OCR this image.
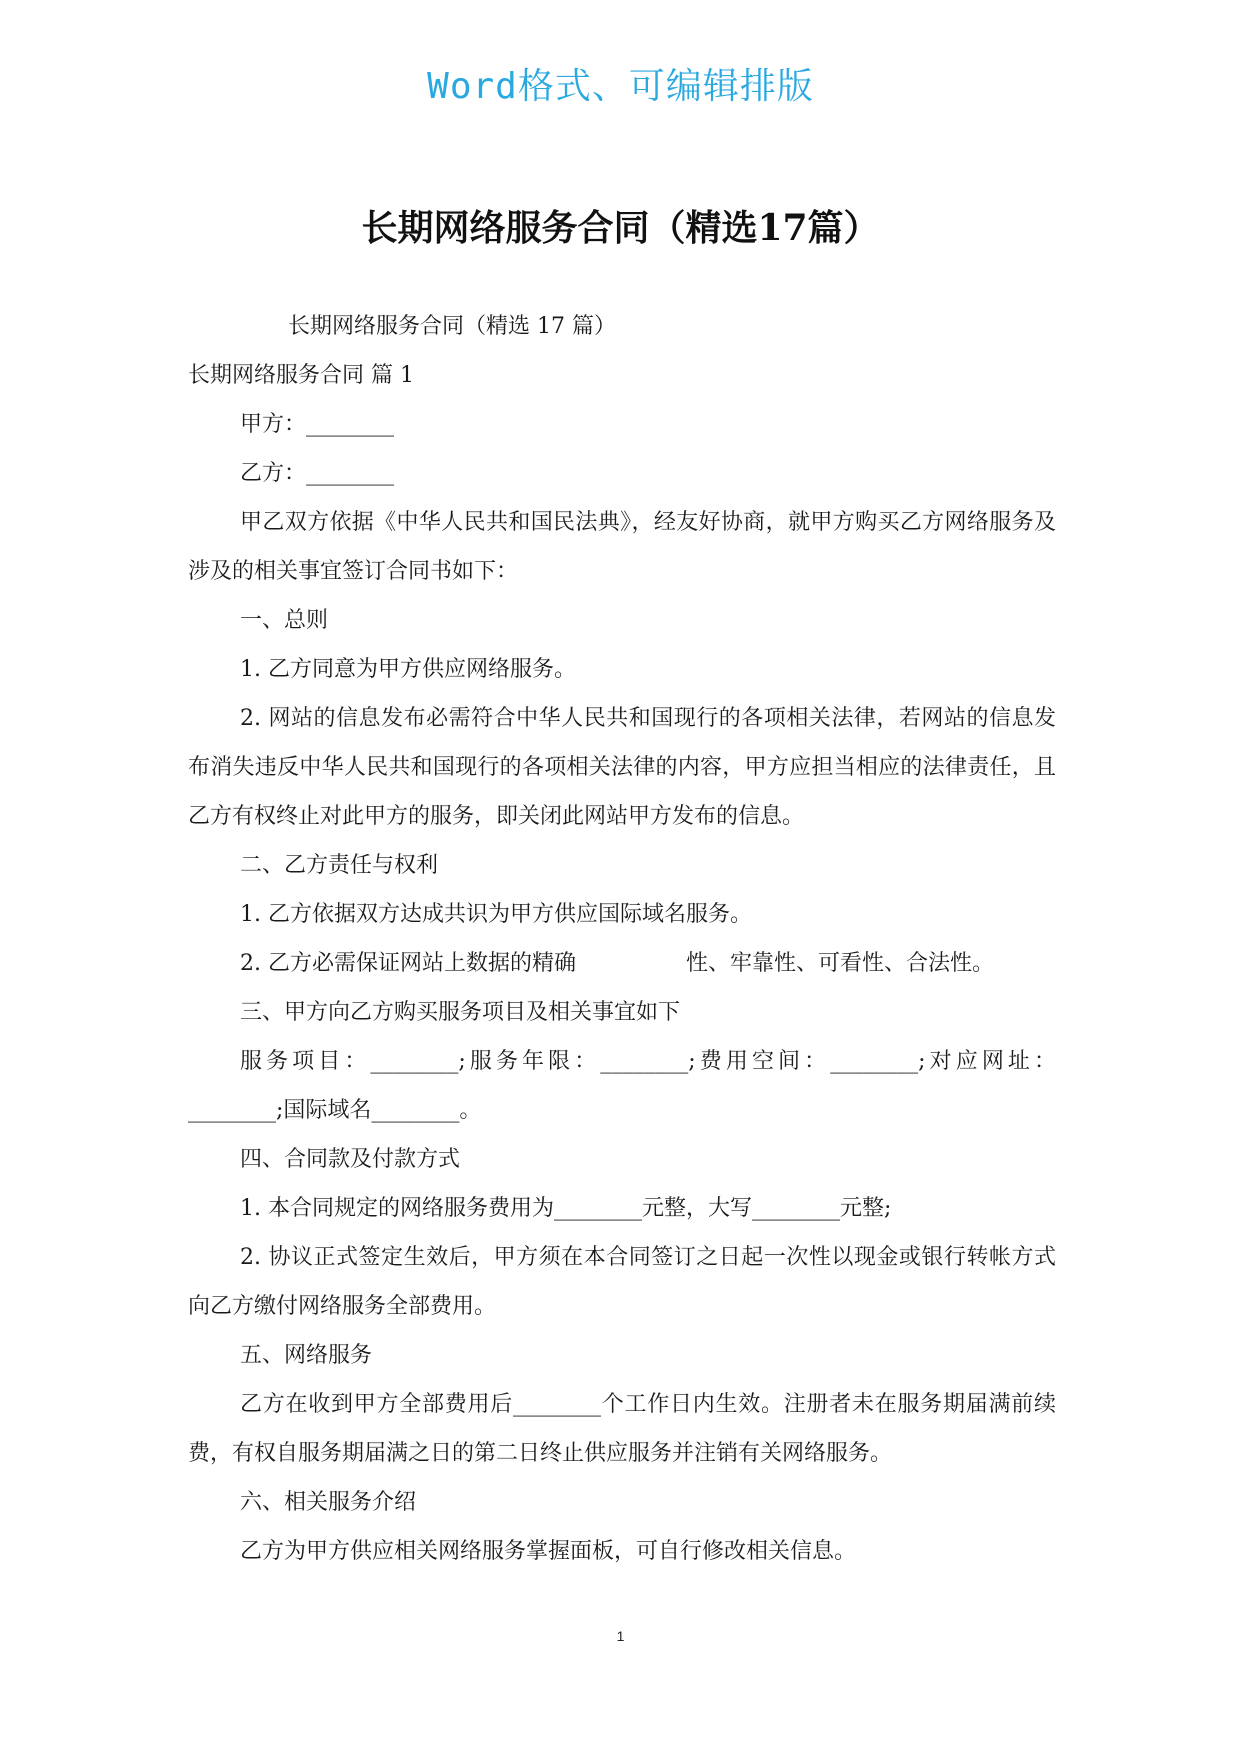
Word格式、可编辑排版
长期网络服务合同（精选17篇）

长期网络服务合同（精选 17 篇）

长期网络服务合同 篇 1

甲方：________

乙方：________

甲乙双方依据《中华人民共和国民法典》，经友好协商，就甲方购买乙方网络服务及涉及的相关事宜签订合同书如下：

一、总则

1. 乙方同意为甲方供应网络服务。

2. 网站的信息发布必需符合中华人民共和国现行的各项相关法律，若网站的信息发布消失违反中华人民共和国现行的各项相关法律的内容，甲方应担当相应的法律责任，且乙方有权终止对此甲方的服务，即关闭此网站甲方发布的信息。

二、乙方责任与权利

1. 乙方依据双方达成共识为甲方供应国际域名服务。

2. 乙方必需保证网站上数据的精确　　　　　性、牢靠性、可看性、合法性。

三、甲方向乙方购买服务项目及相关事宜如下

服务项目：________;服务年限：________;费用空间：________;对应网址：________;国际域名________。

四、合同款及付款方式

1. 本合同规定的网络服务费用为________元整，大写________元整;

2. 协议正式签定生效后，甲方须在本合同签订之日起一次性以现金或银行转帐方式向乙方缴付网络服务全部费用。

五、网络服务

乙方在收到甲方全部费用后________个工作日内生效。注册者未在服务期届满前续费，有权自服务期届满之日的第二日终止供应服务并注销有关网络服务。

六、相关服务介绍

乙方为甲方供应相关网络服务掌握面板，可自行修改相关信息。

1
